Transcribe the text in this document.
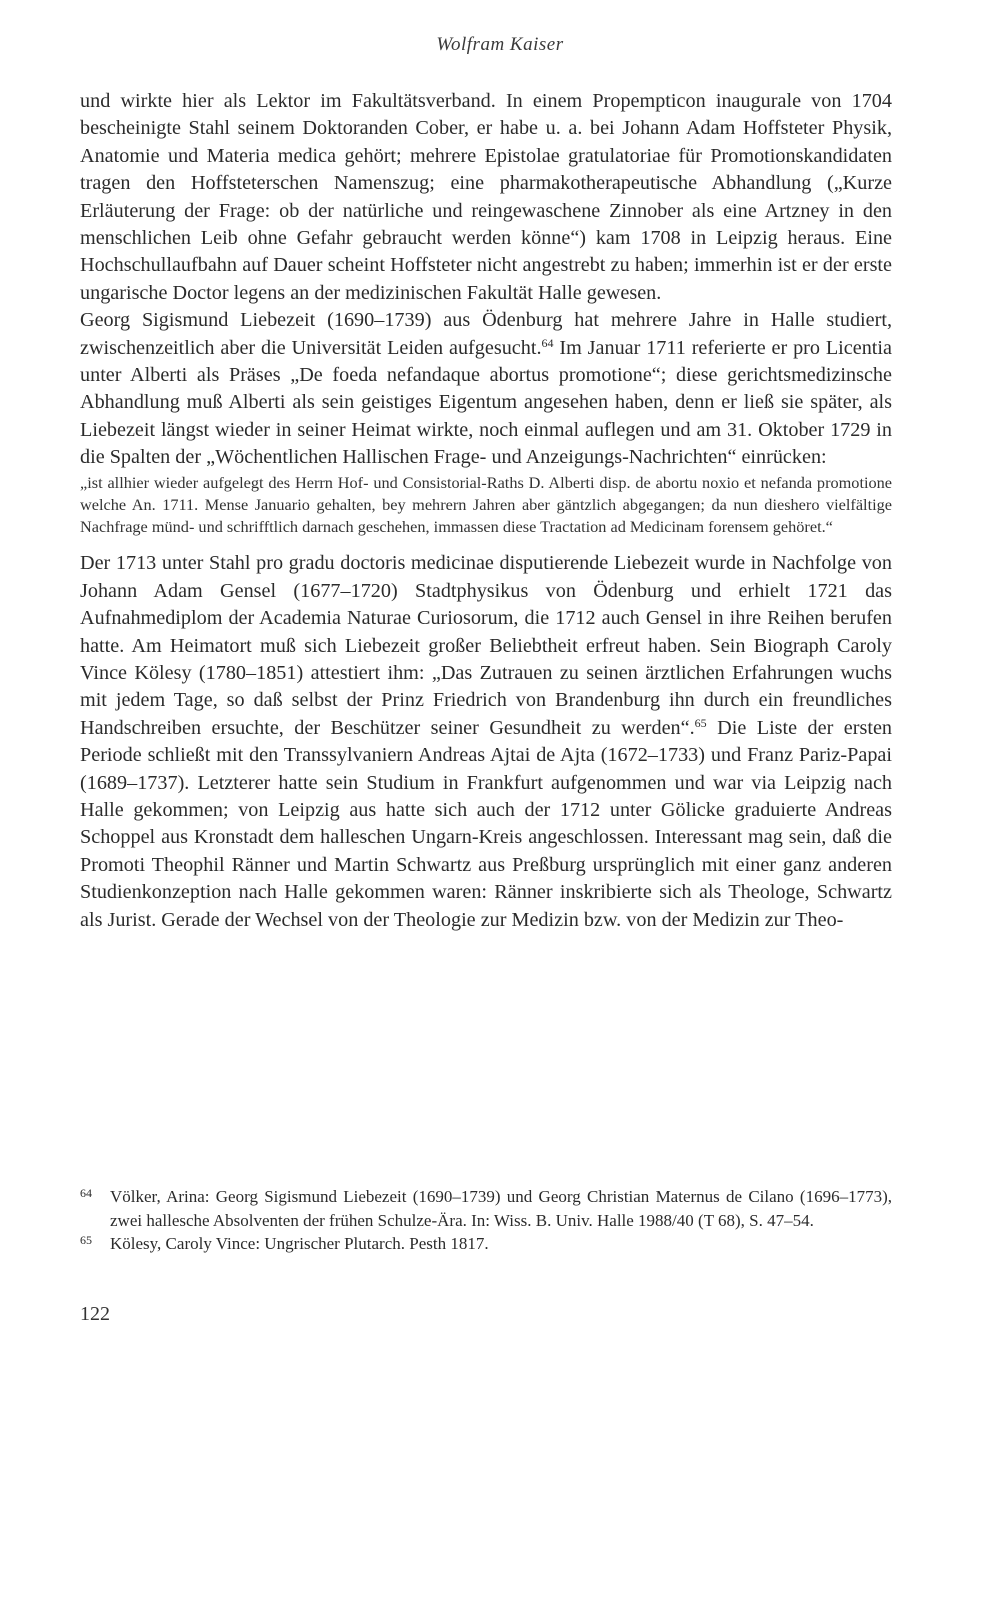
Wolfram Kaiser

und wirkte hier als Lektor im Fakultätsverband. In einem Propempticon inaugurale von 1704 bescheinigte Stahl seinem Doktoranden Cober, er habe u. a. bei Johann Adam Hoffsteter Physik, Anatomie und Materia medica gehört; mehrere Epistolae gratulatoriae für Promotionskandidaten tragen den Hoffsteterschen Namenszug; eine pharmakotherapeutische Abhandlung („Kurze Erläuterung der Frage: ob der natürliche und reingewaschene Zinnober als eine Artzney in den menschlichen Leib ohne Gefahr gebraucht werden könne“) kam 1708 in Leipzig heraus. Eine Hochschullaufbahn auf Dauer scheint Hoffsteter nicht angestrebt zu haben; immerhin ist er der erste ungarische Doctor legens an der medizinischen Fakultät Halle gewesen.

Georg Sigismund Liebezeit (1690–1739) aus Ödenburg hat mehrere Jahre in Halle studiert, zwischenzeitlich aber die Universität Leiden aufgesucht.$^{64}$ Im Januar 1711 referierte er pro Licentia unter Alberti als Präses „De foeda nefandaque abortus promotione“; diese gerichtsmedizinsche Abhandlung muß Alberti als sein geistiges Eigentum angesehen haben, denn er ließ sie später, als Liebezeit längst wieder in seiner Heimat wirkte, noch einmal auflegen und am 31. Oktober 1729 in die Spalten der „Wöchentlichen Hallischen Frage- und Anzeigungs-Nachrichten“ einrücken:

„ist allhier wieder aufgelegt des Herrn Hof- und Consistorial-Raths D. Alberti disp. de abortu noxio et nefanda promotione welche An. 1711. Mense Januario gehalten, bey mehrern Jahren aber gäntzlich abgegangen; da nun dieshero vielfältige Nachfrage münd- und schrifftlich darnach geschehen, immassen diese Tractation ad Medicinam forensem gehöret.“

Der 1713 unter Stahl pro gradu doctoris medicinae disputierende Liebezeit wurde in Nachfolge von Johann Adam Gensel (1677–1720) Stadtphysikus von Ödenburg und erhielt 1721 das Aufnahmediplom der Academia Naturae Curiosorum, die 1712 auch Gensel in ihre Reihen berufen hatte. Am Heimatort muß sich Liebezeit großer Beliebtheit erfreut haben. Sein Biograph Caroly Vince Kölesy (1780–1851) attestiert ihm: „Das Zutrauen zu seinen ärztlichen Erfahrungen wuchs mit jedem Tage, so daß selbst der Prinz Friedrich von Brandenburg ihn durch ein freundliches Handschreiben ersuchte, der Beschützer seiner Gesundheit zu werden“.$^{65}$ Die Liste der ersten Periode schließt mit den Transsylvaniern Andreas Ajtai de Ajta (1672–1733) und Franz Pariz-Papai (1689–1737). Letzterer hatte sein Studium in Frankfurt aufgenommen und war via Leipzig nach Halle gekommen; von Leipzig aus hatte sich auch der 1712 unter Gölicke graduierte Andreas Schoppel aus Kronstadt dem halleschen Ungarn-Kreis angeschlossen. Interessant mag sein, daß die Promoti Theophil Ränner und Martin Schwartz aus Preßburg ursprünglich mit einer ganz anderen Studienkonzeption nach Halle gekommen waren: Ränner inskribierte sich als Theologe, Schwartz als Jurist. Gerade der Wechsel von der Theologie zur Medizin bzw. von der Medizin zur Theo-

64	Völker, Arina: Georg Sigismund Liebezeit (1690–1739) und Georg Christian Maternus de Cilano (1696–1773), zwei hallesche Absolventen der frühen Schulze-Ära. In: Wiss. B. Univ. Halle 1988/40 (T 68), S. 47–54.
65	Kölesy, Caroly Vince: Ungrischer Plutarch. Pesth 1817.
122
